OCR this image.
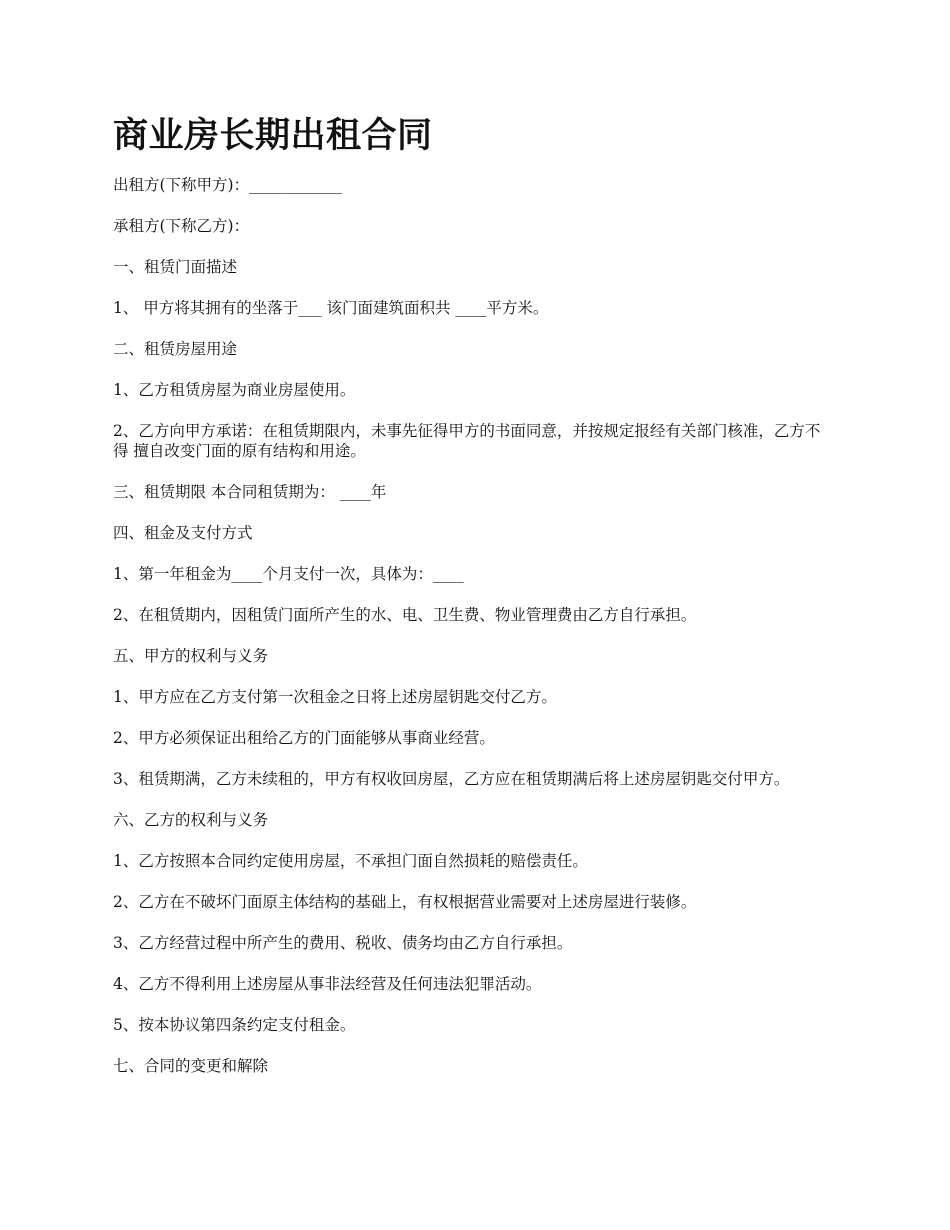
商业房长期出租合同

出租方(下称甲方)：____________

承租方(下称乙方)：

一、租赁门面描述

1、 甲方将其拥有的坐落于___ 该门面建筑面积共 ____平方米。

二、租赁房屋用途

1、乙方租赁房屋为商业房屋使用。

2、乙方向甲方承诺：在租赁期限内，未事先征得甲方的书面同意，并按规定报经有关部门核准，乙方不得 擅自改变门面的原有结构和用途。

三、租赁期限 本合同租赁期为： ____年

四、租金及支付方式

1、第一年租金为____个月支付一次，具体为：____

2、在租赁期内，因租赁门面所产生的水、电、卫生费、物业管理费由乙方自行承担。

五、甲方的权利与义务

1、甲方应在乙方支付第一次租金之日将上述房屋钥匙交付乙方。

2、甲方必须保证出租给乙方的门面能够从事商业经营。

3、租赁期满，乙方未续租的，甲方有权收回房屋，乙方应在租赁期满后将上述房屋钥匙交付甲方。

六、乙方的权利与义务

1、乙方按照本合同约定使用房屋，不承担门面自然损耗的赔偿责任。

2、乙方在不破坏门面原主体结构的基础上，有权根据营业需要对上述房屋进行装修。

3、乙方经营过程中所产生的费用、税收、债务均由乙方自行承担。

4、乙方不得利用上述房屋从事非法经营及任何违法犯罪活动。

5、按本协议第四条约定支付租金。

七、合同的变更和解除
